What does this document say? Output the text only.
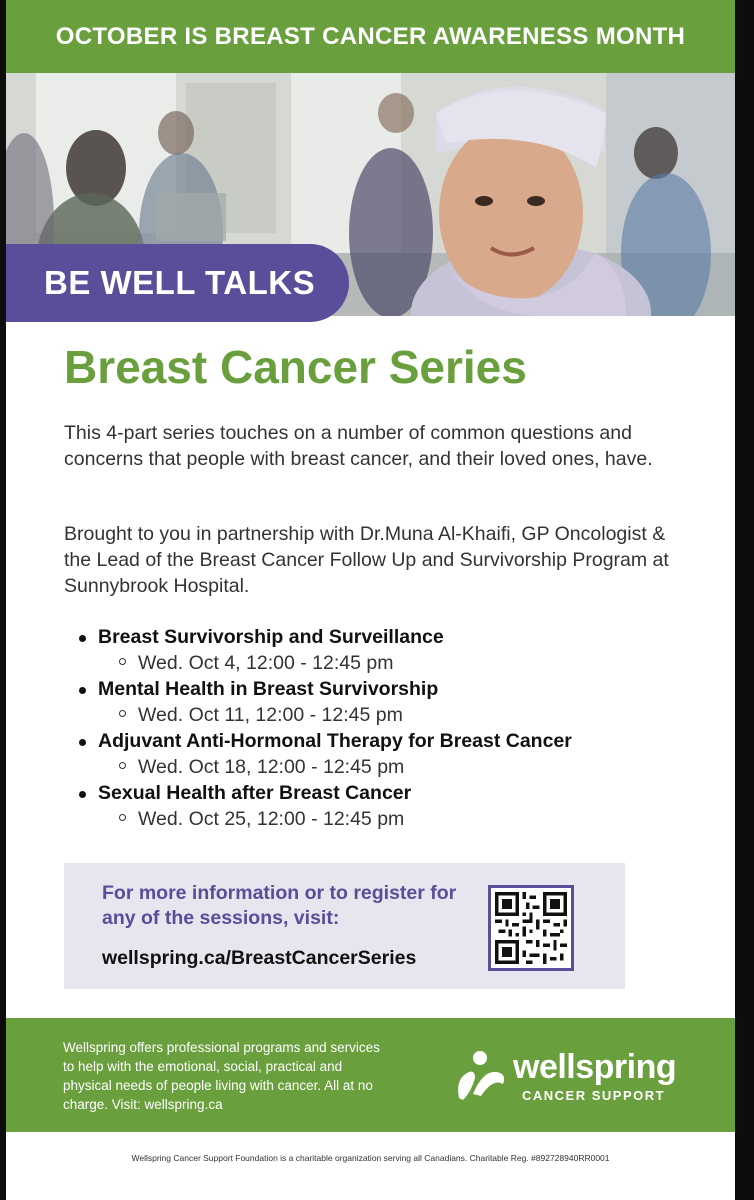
OCTOBER IS BREAST CANCER AWARENESS MONTH
BE WELL TALKS
Breast Cancer Series

This 4-part series touches on a number of common questions and concerns that people with breast cancer, and their loved ones, have.

Brought to you in partnership with Dr.Muna Al-Khaifi, GP Oncologist & the Lead of the Breast Cancer Follow Up and Survivorship Program at Sunnybrook Hospital.

Breast Survivorship and Surveillance
Wed. Oct 4, 12:00 - 12:45 pm
Mental Health in Breast Survivorship
Wed. Oct 11, 12:00 - 12:45 pm
Adjuvant Anti-Hormonal Therapy for Breast Cancer
Wed. Oct 18, 12:00 - 12:45 pm
Sexual Health after Breast Cancer
Wed. Oct 25, 12:00 - 12:45 pm
For more information or to register for any of the sessions, visit:
wellspring.ca/BreastCancerSeries
Wellspring offers professional programs and services to help with the emotional, social, practical and physical needs of people living with cancer. All at no charge. Visit: wellspring.ca
wellspring
CANCER SUPPORT
Wellspring Cancer Support Foundation is a charitable organization serving all Canadians. Charitable Reg. #892728940RR0001
